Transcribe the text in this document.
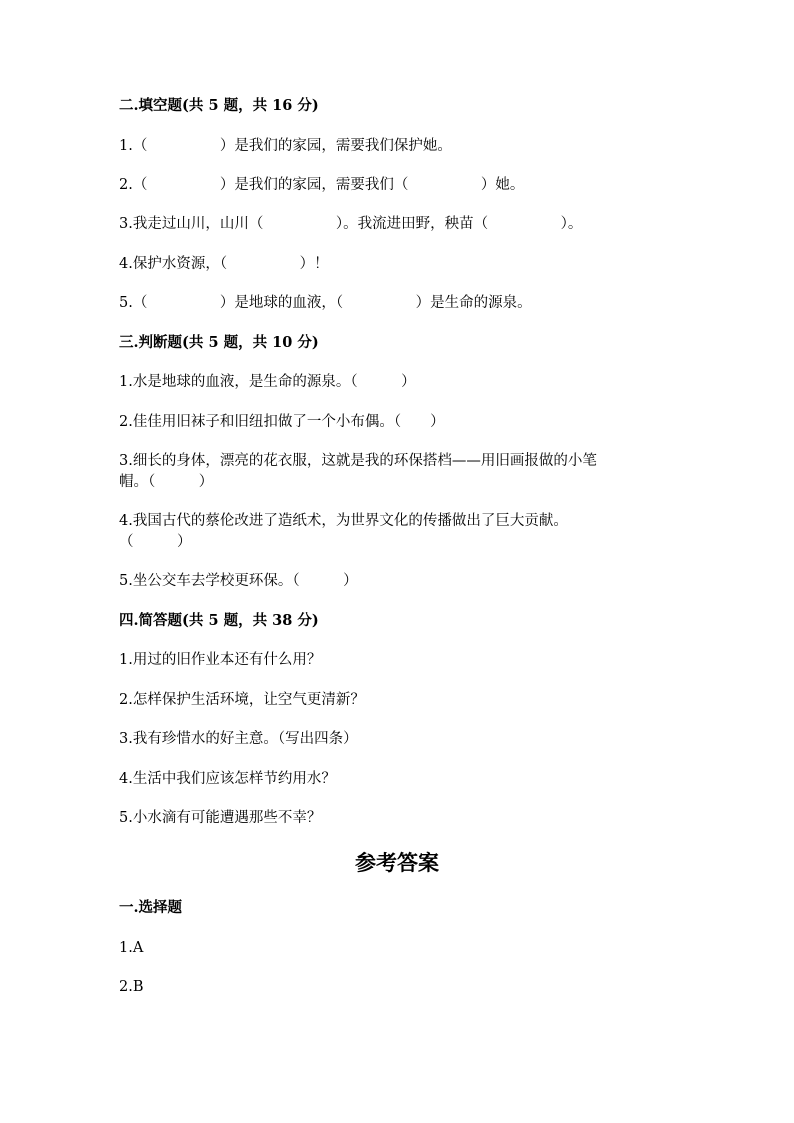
二.填空题(共 5 题，共 16 分)
1.（　　　　　）是我们的家园，需要我们保护她。
2.（　　　　　）是我们的家园，需要我们（　　　　　）她。
3.我走过山川，山川（　　　　　）。我流进田野，秧苗（　　　　　）。
4.保护水资源，（　　　　　）！
5.（　　　　　）是地球的血液，（　　　　　）是生命的源泉。
三.判断题(共 5 题，共 10 分)
1.水是地球的血液，是生命的源泉。（　　　）
2.佳佳用旧袜子和旧纽扣做了一个小布偶。（　　）
3.细长的身体，漂亮的花衣服，这就是我的环保搭档——用旧画报做的小笔
帽。（　　　）
4.我国古代的蔡伦改进了造纸术，为世界文化的传播做出了巨大贡献。
（　　　）
5.坐公交车去学校更环保。（　　　）
四.简答题(共 5 题，共 38 分)
1.用过的旧作业本还有什么用？
2.怎样保护生活环境，让空气更清新？
3.我有珍惜水的好主意。（写出四条）
4.生活中我们应该怎样节约用水？
5.小水滴有可能遭遇那些不幸？
参考答案
一.选择题
1.A
2.B
